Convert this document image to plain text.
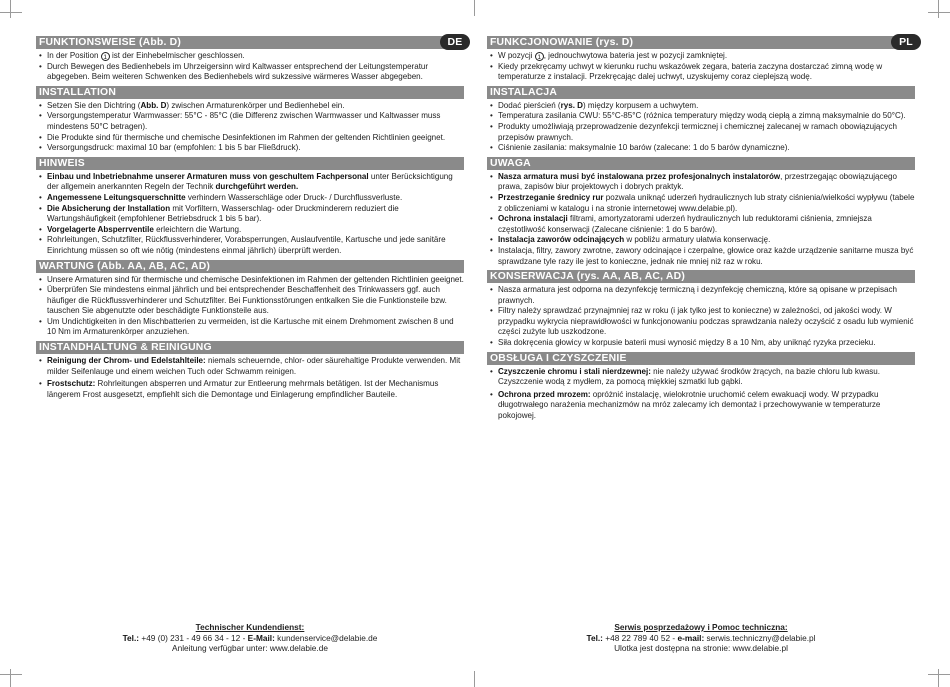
FUNKTIONSWEISE (Abb. D)	DE
• In der Position 1 ist der Einhebelmischer geschlossen.
• Durch Bewegen des Bedienhebels im Uhrzeigersinn wird Kaltwasser entsprechend der Leitungstemperatur abgegeben. Beim weiteren Schwenken des Bedienhebels wird sukzessive wärmeres Wasser abgegeben.
INSTALLATION
• Setzen Sie den Dichtring (Abb. D) zwischen Armaturenkörper und Bedienhebel ein.
• Versorgungstemperatur Warmwasser: 55°C - 85°C (die Differenz zwischen Warmwasser und Kaltwasser muss mindestens 50°C betragen).
• Die Produkte sind für thermische und chemische Desinfektionen im Rahmen der geltenden Richtlinien geeignet.
• Versorgungsdruck: maximal 10 bar (empfohlen: 1 bis 5 bar Fließdruck).
HINWEIS
• Einbau und Inbetriebnahme unserer Armaturen muss von geschultem Fachpersonal unter Berücksichtigung der allgemein anerkannten Regeln der Technik durchgeführt werden.
• Angemessene Leitungsquerschnitte verhindern Wasserschläge oder Druck- / Durchflussverluste.
• Die Absicherung der Installation mit Vorfiltern, Wasserschlag- oder Druckminderern reduziert die Wartungshäufigkeit (empfohlener Betriebsdruck 1 bis 5 bar).
• Vorgelagerte Absperrventile erleichtern die Wartung.
• Rohrleitungen, Schutzfilter, Rückflussverhinderer, Vorabsperrungen, Auslaufventile, Kartusche und jede sanitäre Einrichtung müssen so oft wie nötig (mindestens einmal jährlich) überprüft werden.
WARTUNG (Abb. AA, AB, AC, AD)
• Unsere Armaturen sind für thermische und chemische Desinfektionen im Rahmen der geltenden Richtlinien geeignet.
• Überprüfen Sie mindestens einmal jährlich und bei entsprechender Beschaffenheit des Trinkwassers ggf. auch häufiger die Rückflussverhinderer und Schutzfilter. Bei Funktionsstörungen entkalken Sie die Funktionsteile bzw. tauschen Sie abgenutzte oder beschädigte Funktionsteile aus.
• Um Undichtigkeiten in den Mischbatterien zu vermeiden, ist die Kartusche mit einem Drehmoment zwischen 8 und 10 Nm im Armaturenkörper anzuziehen.
INSTANDHALTUNG & REINIGUNG
• Reinigung der Chrom- und Edelstahlteile: niemals scheuernde, chlor- oder säurehaltige Produkte verwenden. Mit milder Seifenlauge und einem weichen Tuch oder Schwamm reinigen.
• Frostschutz: Rohrleitungen absperren und Armatur zur Entleerung mehrmals betätigen. Ist der Mechanismus längerem Frost ausgesetzt, empfiehlt sich die Demontage und Einlagerung empfindlicher Bauteile.
FUNKCJONOWANIE (rys. D)	PL
• W pozycji 1 , jednouchwytowa bateria jest w pozycji zamkniętej.
• Kiedy przekręcamy uchwyt w kierunku ruchu wskazówek zegara, bateria zaczyna dostarczać zimną wodę w temperaturze z instalacji. Przekręcając dalej uchwyt, uzyskujemy coraz cieplejszą wodę.
INSTALACJA
• Dodać pierścień (rys. D) między korpusem a uchwytem.
• Temperatura zasilania CWU: 55°C-85°C (różnica temperatury między wodą ciepłą a zimną maksymalnie do 50°C).
• Produkty umożliwiają przeprowadzenie dezynfekcji termicznej i chemicznej zalecanej w ramach obowiązujących przepisów prawnych.
• Ciśnienie zasilania: maksymalnie 10 barów (zalecane: 1 do 5 barów dynamiczne).
UWAGA
• Nasza armatura musi być instalowana przez profesjonalnych instalatorów, przestrzegając obowiązującego prawa, zapisów biur projektowych i dobrych praktyk.
• Przestrzeganie średnicy rur pozwala uniknąć uderzeń hydraulicznych lub straty ciśnienia/wielkości wypływu (tabele z obliczeniami w katalogu i na stronie internetowej www.delabie.pl).
• Ochrona instalacji filtrami, amortyzatorami uderzeń hydraulicznych lub reduktorami ciśnienia, zmniejsza częstotliwość konserwacji (Zalecane ciśnienie: 1 do 5 barów).
• Instalacja zaworów odcinających w pobliżu armatury ułatwia konserwację.
• Instalacja, filtry, zawory zwrotne, zawory odcinające i czerpalne, głowice oraz każde urządzenie sanitarne musza być sprawdzane tyle razy ile jest to konieczne, jednak nie mniej niż raz w roku.
KONSERWACJA (rys. AA, AB, AC, AD)
• Nasza armatura jest odporna na dezynfekcję termiczną i dezynfekcję chemiczną, które są opisane w przepisach prawnych.
• Filtry należy sprawdzać przynajmniej raz w roku (i jak tylko jest to konieczne) w zależności, od jakości wody. W przypadku wykrycia nieprawidłowości w funkcjonowaniu podczas sprawdzania należy oczyścić z osadu lub wymienić części zużyte lub uszkodzone.
• Siła dokręcenia głowicy w korpusie baterii musi wynosić między 8 a 10 Nm, aby uniknąć ryzyka przecieku.
OBSŁUGA I CZYSZCZENIE
• Czyszczenie chromu i stali nierdzewnej: nie należy używać środków żrących, na bazie chloru lub kwasu. Czyszczenie wodą z mydłem, za pomocą miękkiej szmatki lub gąbki.
• Ochrona przed mrozem: opróżnić instalację, wielokrotnie uruchomić celem ewakuacji wody. W przypadku długotrwałego narażenia mechanizmów na mróz zalecamy ich demontaż i przechowywanie w temperaturze pokojowej.
Technischer Kundendienst:
Tel.: +49 (0) 231 - 49 66 34 - 12 - E-Mail: kundenservice@delabie.de
Anleitung verfügbar unter: www.delabie.de
Serwis posprzedażowy i Pomoc techniczna:
Tel.: +48 22 789 40 52 - e-mail: serwis.techniczny@delabie.pl
Ulotka jest dostępna na stronie: www.delabie.pl
